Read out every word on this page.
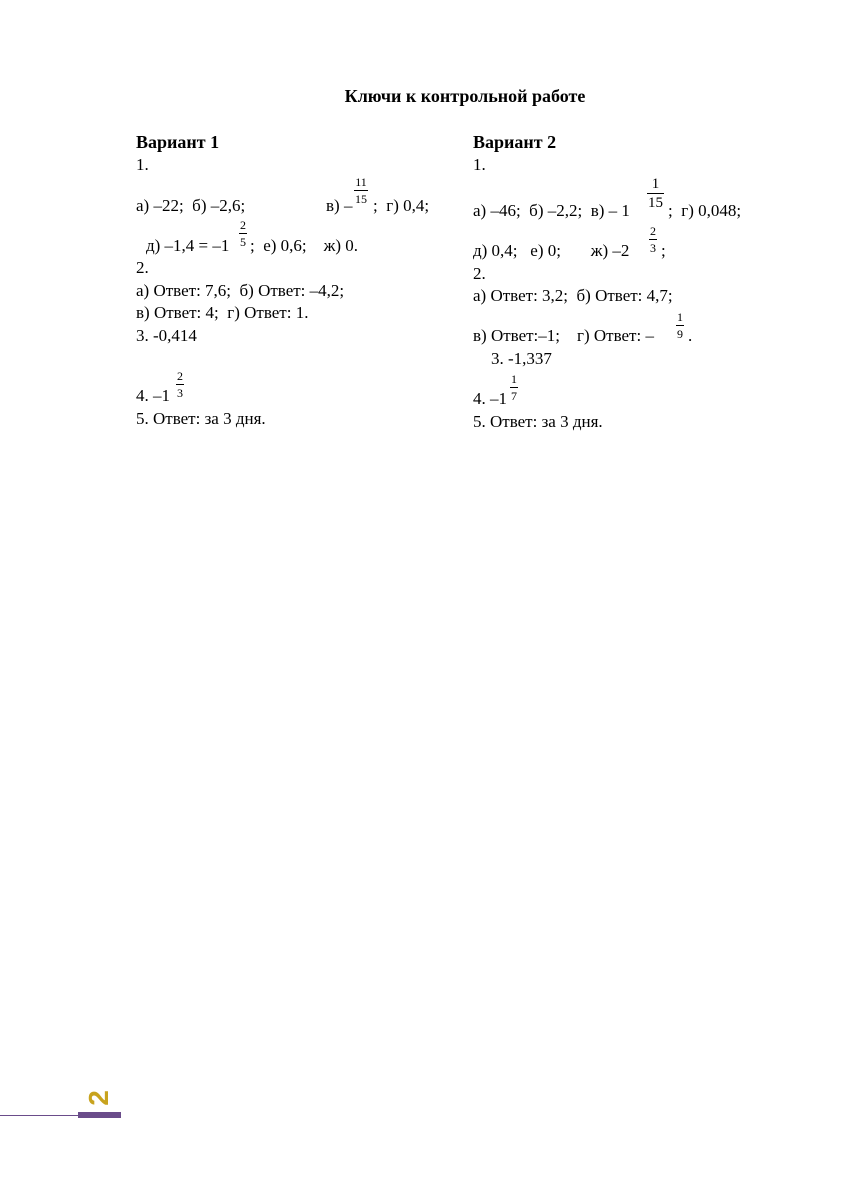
Ключи к контрольной работе
Вариант 1
1.
а) –22;  б) –2,6;	$в) - \frac{11}{15}$ ;  г) 0,4;
д) $-1,4 = -1 \frac{2}{5}$ ;  е) 0,6;    ж) 0.
2.
а) Ответ: 7,6;  б) Ответ: –4,2;
в) Ответ: 4;  г) Ответ: 1.
3. -0,414
4. $-1 \frac{2}{3}$
5. Ответ: за 3 дня.
Вариант 2
1.
а) –46;  б) –2,2;  $в) - 1 \frac{1}{15}$ ;  г) 0,048;
д) 0,4;   е) 0;       ж) $-2 \frac{2}{3}$ ;
2.
а) Ответ: 3,2;  б) Ответ: 4,7;
в) Ответ:–1;    г) Ответ: – $\frac{1}{9}$ .
3. -1,337
4. $-1 \frac{1}{7}$
5. Ответ: за 3 дня.
2
